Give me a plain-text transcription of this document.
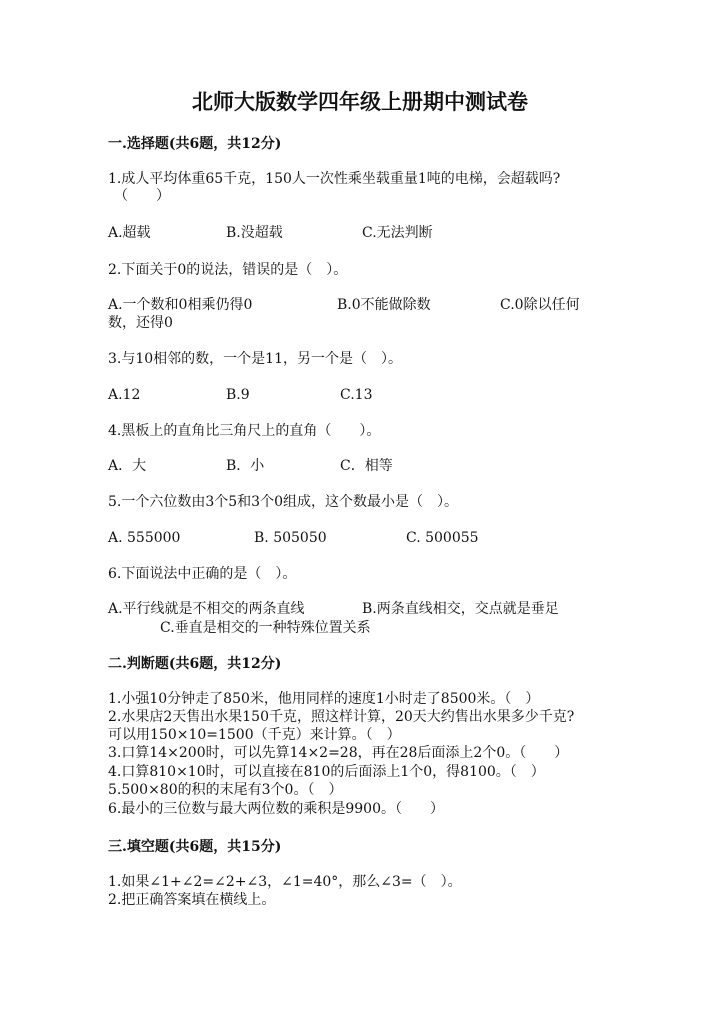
北师大版数学四年级上册期中测试卷
一.选择题(共6题，共12分)
1.成人平均体重65千克，150人一次性乘坐载重量1吨的电梯，会超载吗?
（　　）
A.超载	B.没超载	C.无法判断
2.下面关于0的说法，错误的是（　）。
A.一个数和0相乘仍得0	B.0不能做除数	C.0除以任何
数，还得0
3.与10相邻的数，一个是11，另一个是（　）。
A.12	B.9	C.13
4.黑板上的直角比三角尺上的直角（　　）。
A．大	B．小	C．相等
5.一个六位数由3个5和3个0组成，这个数最小是（　）。
A. 555000	B. 505050	C. 500055
6.下面说法中正确的是（　）。
A.平行线就是不相交的两条直线	B.两条直线相交，交点就是垂足
C.垂直是相交的一种特殊位置关系
二.判断题(共6题，共12分)
1.小强10分钟走了850米，他用同样的速度1小时走了8500米。（　）
2.水果店2天售出水果150千克，照这样计算，20天大约售出水果多少千克?
可以用150×10=1500（千克）来计算。（　）
3.口算14×200时，可以先算14×2=28，再在28后面添上2个0。（　　）
4.口算810×10时，可以直接在810的后面添上1个0，得8100。（　）
5.500×80的积的末尾有3个0。（　）
6.最小的三位数与最大两位数的乘积是9900。（　　）
三.填空题(共6题，共15分)
1.如果∠1+∠2=∠2+∠3，∠1=40°，那么∠3=（　）。
2.把正确答案填在横线上。
